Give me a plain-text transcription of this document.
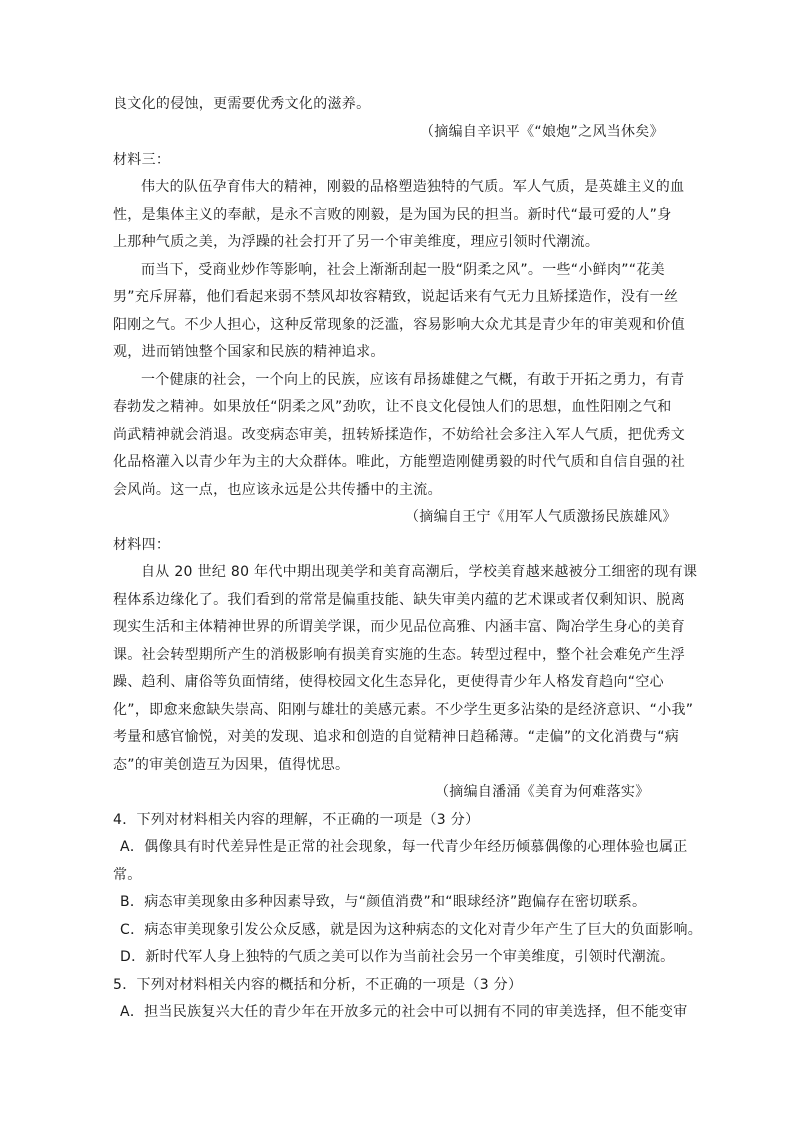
良文化的侵蚀，更需要优秀文化的滋养。
（摘编自辛识平《“娘炮”之风当休矣》
材料三：
伟大的队伍孕育伟大的精神，刚毅的品格塑造独特的气质。军人气质，是英雄主义的血
性，是集体主义的奉献，是永不言败的刚毅，是为国为民的担当。新时代“最可爱的人”身
上那种气质之美，为浮躁的社会打开了另一个审美维度，理应引领时代潮流。
而当下，受商业炒作等影响，社会上渐渐刮起一股“阴柔之风”。一些“小鲜肉”“花美
男”充斥屏幕，他们看起来弱不禁风却妆容精致，说起话来有气无力且矫揉造作，没有一丝
阳刚之气。不少人担心，这种反常现象的泛滥，容易影响大众尤其是青少年的审美观和价值
观，进而销蚀整个国家和民族的精神追求。
一个健康的社会，一个向上的民族，应该有昂扬雄健之气概，有敢于开拓之勇力，有青
春勃发之精神。如果放任“阴柔之风”劲吹，让不良文化侵蚀人们的思想，血性阳刚之气和
尚武精神就会消退。改变病态审美，扭转矫揉造作，不妨给社会多注入军人气质，把优秀文
化品格灌入以青少年为主的大众群体。唯此，方能塑造刚健勇毅的时代气质和自信自强的社
会风尚。这一点，也应该永远是公共传播中的主流。
（摘编自王宁《用军人气质激扬民族雄风》
材料四：
自从 20 世纪 80 年代中期出现美学和美育高潮后，学校美育越来越被分工细密的现有课
程体系边缘化了。我们看到的常常是偏重技能、缺失审美内蕴的艺术课或者仅剩知识、脱离
现实生活和主体精神世界的所谓美学课，而少见品位高雅、内涵丰富、陶冶学生身心的美育
课。社会转型期所产生的消极影响有损美育实施的生态。转型过程中，整个社会难免产生浮
躁、趋利、庸俗等负面情绪，使得校园文化生态异化，更使得青少年人格发育趋向“空心
化”，即愈来愈缺失崇高、阳刚与雄壮的美感元素。不少学生更多沾染的是经济意识、“小我”
考量和感官愉悦，对美的发现、追求和创造的自觉精神日趋稀薄。“走偏”的文化消费与“病
态”的审美创造互为因果，值得忧思。
（摘编自潘涌《美育为何难落实》
4．下列对材料相关内容的理解，不正确的一项是（3 分）
A．偶像具有时代差异性是正常的社会现象，每一代青少年经历倾慕偶像的心理体验也属正
常。
B．病态审美现象由多种因素导致，与“颜值消费”和“眼球经济”跑偏存在密切联系。
C．病态审美现象引发公众反感，就是因为这种病态的文化对青少年产生了巨大的负面影响。
D．新时代军人身上独特的气质之美可以作为当前社会另一个审美维度，引领时代潮流。
5．下列对材料相关内容的概括和分析，不正确的一项是（3 分）
A．担当民族复兴大任的青少年在开放多元的社会中可以拥有不同的审美选择，但不能变审
